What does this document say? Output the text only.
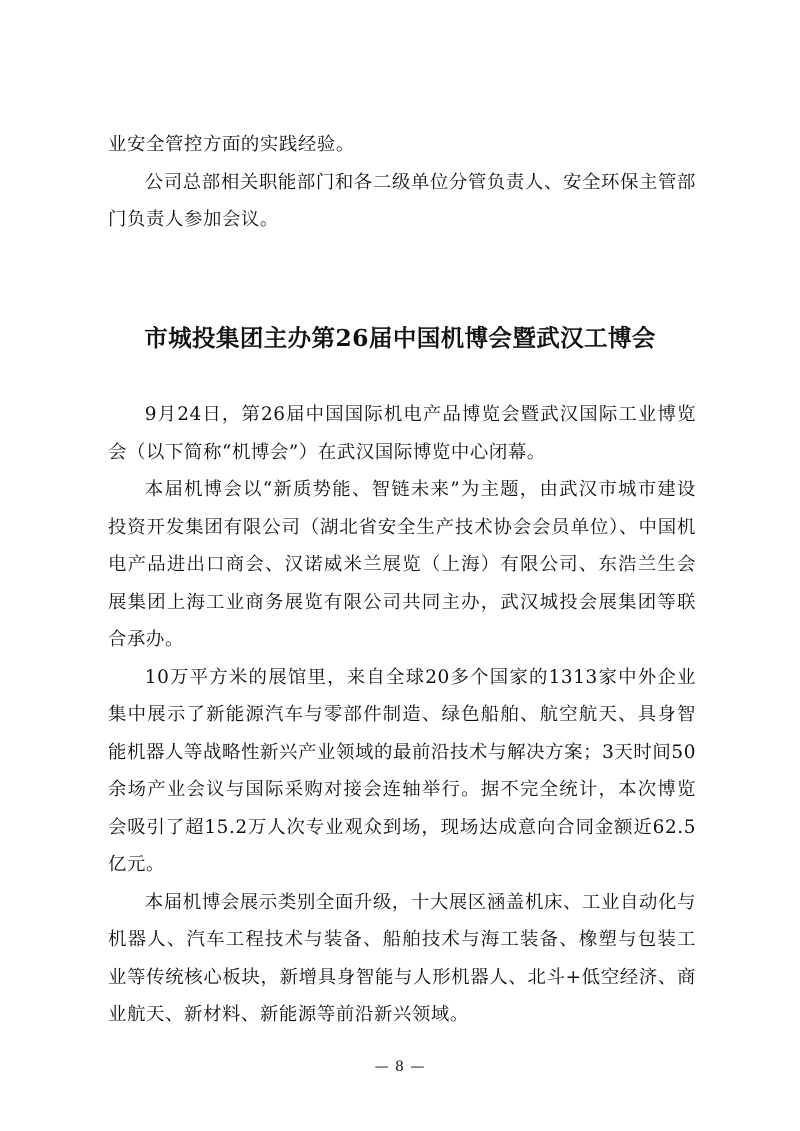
业安全管控方面的实践经验。

公司总部相关职能部门和各二级单位分管负责人、安全环保主管部门负责人参加会议。

市城投集团主办第26届中国机博会暨武汉工博会

9月24日，第26届中国国际机电产品博览会暨武汉国际工业博览会（以下简称“机博会”）在武汉国际博览中心闭幕。

本届机博会以“新质势能、智链未来”为主题，由武汉市城市建设投资开发集团有限公司（湖北省安全生产技术协会会员单位）、中国机电产品进出口商会、汉诺威米兰展览（上海）有限公司、东浩兰生会展集团上海工业商务展览有限公司共同主办，武汉城投会展集团等联合承办。

10万平方米的展馆里，来自全球20多个国家的1313家中外企业集中展示了新能源汽车与零部件制造、绿色船舶、航空航天、具身智能机器人等战略性新兴产业领域的最前沿技术与解决方案；3天时间50余场产业会议与国际采购对接会连轴举行。据不完全统计，本次博览会吸引了超15.2万人次专业观众到场，现场达成意向合同金额近62.5亿元。

本届机博会展示类别全面升级，十大展区涵盖机床、工业自动化与机器人、汽车工程技术与装备、船舶技术与海工装备、橡塑与包装工业等传统核心板块，新增具身智能与人形机器人、北斗+低空经济、商业航天、新材料、新能源等前沿新兴领域。

— 8 —
